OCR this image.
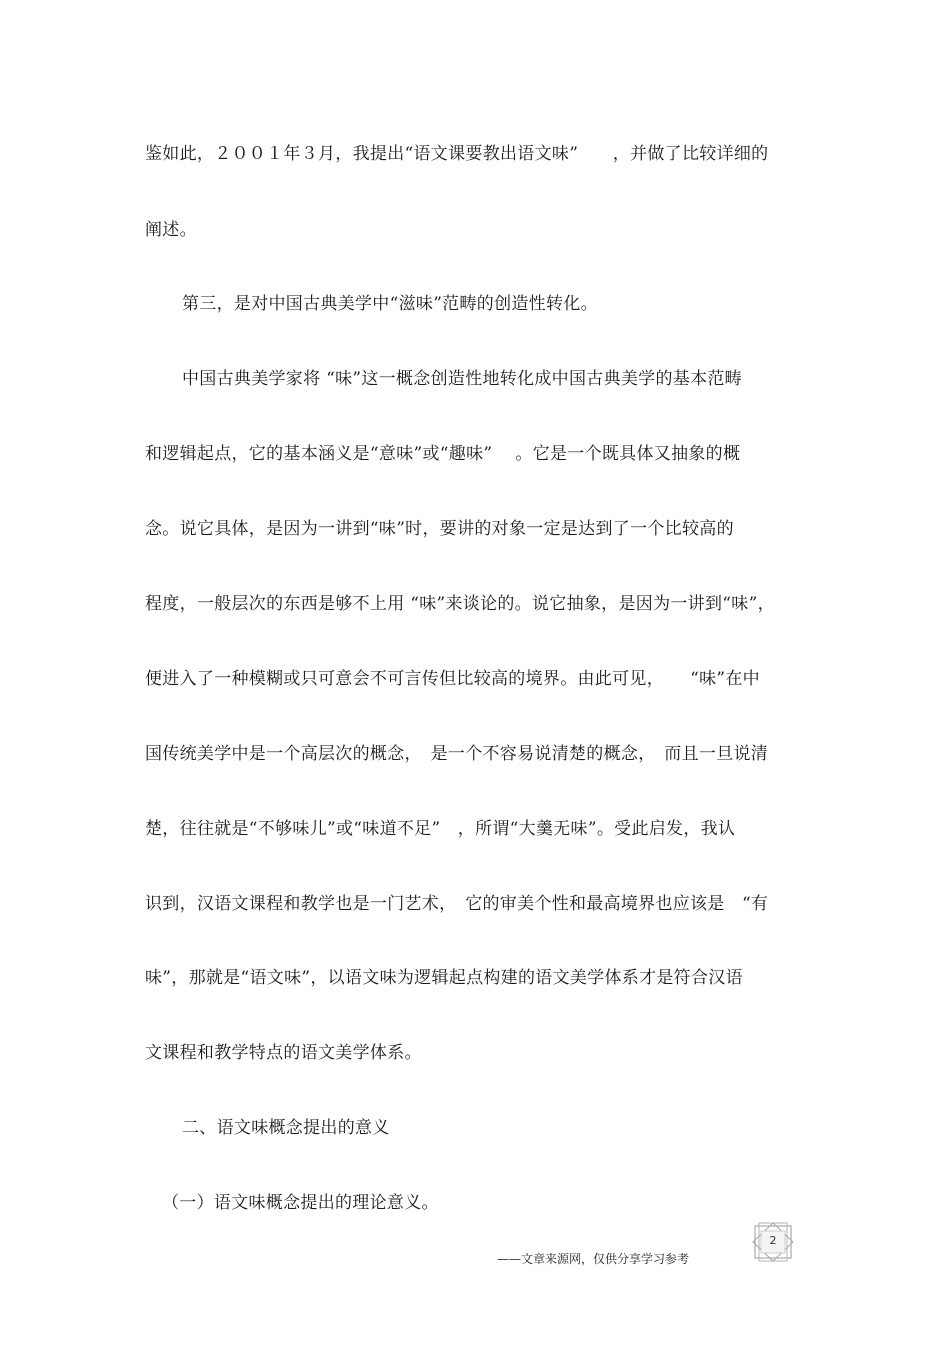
鉴如此，２００１年３月，我提出“语文课要教出语文味”　　，并做了比较详细的
阐述。
第三，是对中国古典美学中“滋味”范畴的创造性转化。
中国古典美学家将 “味”这一概念创造性地转化成中国古典美学的基本范畴
和逻辑起点，它的基本涵义是“意味”或“趣味”　 。它是一个既具体又抽象的概
念。说它具体，是因为一讲到“味”时，要讲的对象一定是达到了一个比较高的
程度，一般层次的东西是够不上用 “味”来谈论的。说它抽象，是因为一讲到“味”，
便进入了一种模糊或只可意会不可言传但比较高的境界。由此可见，　　“味”在中
国传统美学中是一个高层次的概念，　是一个不容易说清楚的概念，　而且一旦说清
楚，往往就是“不够味儿”或“味道不足”　，所谓“大羹无味”。受此启发，我认
识到，汉语文课程和教学也是一门艺术，　它的审美个性和最高境界也应该是　“有
味”，那就是“语文味”，以语文味为逻辑起点构建的语文美学体系才是符合汉语
文课程和教学特点的语文美学体系。
二、语文味概念提出的意义
（一）语文味概念提出的理论意义。
——文章来源网，仅供分享学习参考
2
